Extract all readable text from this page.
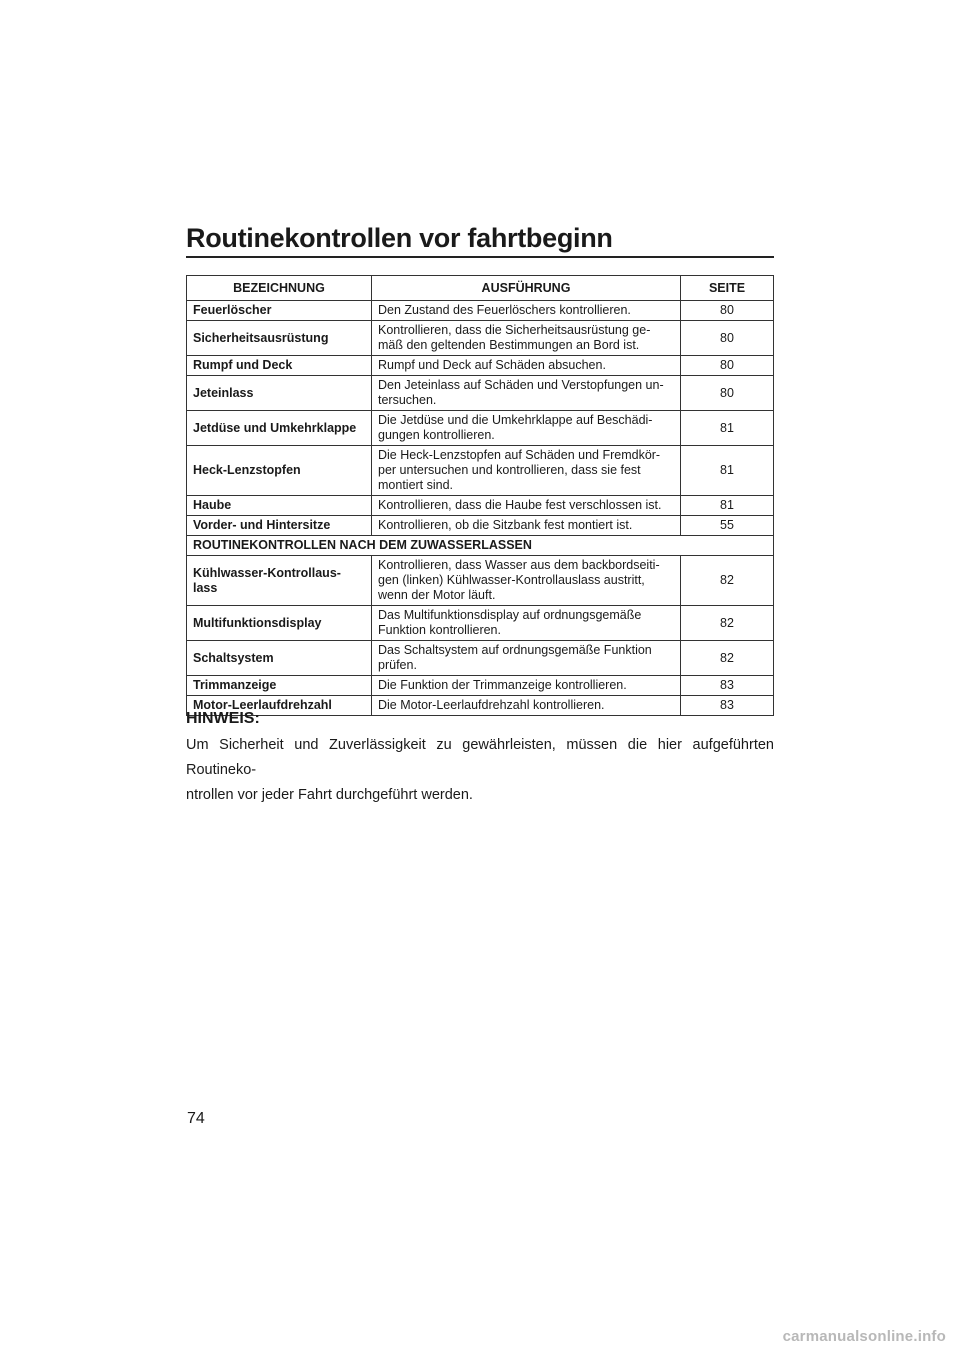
Routinekontrollen vor fahrtbeginn
BEZEICHNUNG	AUSFÜHRUNG	SEITE
Feuerlöscher	Den Zustand des Feuerlöschers kontrollieren.	80
Sicherheitsausrüstung	Kontrollieren, dass die Sicherheitsausrüstung ge-
mäß den geltenden Bestimmungen an Bord ist.	80
Rumpf und Deck	Rumpf und Deck auf Schäden absuchen.	80
Jeteinlass	Den Jeteinlass auf Schäden und Verstopfungen un-
tersuchen.	80
Jetdüse und Umkehrklappe	Die Jetdüse und die Umkehrklappe auf Beschädi-
gungen kontrollieren.	81
Heck-Lenzstopfen	Die Heck-Lenzstopfen auf Schäden und Fremdkör-
per untersuchen und kontrollieren, dass sie fest
montiert sind.	81
Haube	Kontrollieren, dass die Haube fest verschlossen ist.	81
Vorder- und Hintersitze	Kontrollieren, ob die Sitzbank fest montiert ist.	55
ROUTINEKONTROLLEN NACH DEM ZUWASSERLASSEN		
Kühlwasser-Kontrollaus-
lass	Kontrollieren, dass Wasser aus dem backbordseiti-
gen (linken) Kühlwasser-Kontrollauslass austritt,
wenn der Motor läuft.	82
Multifunktionsdisplay	Das Multifunktionsdisplay auf ordnungsgemäße
Funktion kontrollieren.	82
Schaltsystem	Das Schaltsystem auf ordnungsgemäße Funktion
prüfen.	82
Trimmanzeige	Die Funktion der Trimmanzeige kontrollieren.	83
Motor-Leerlaufdrehzahl	Die Motor-Leerlaufdrehzahl kontrollieren.	83
HINWEIS:
Um Sicherheit und Zuverlässigkeit zu gewährleisten, müssen die hier aufgeführten Routineko-
ntrollen vor jeder Fahrt durchgeführt werden.
74
carmanualsonline.info
